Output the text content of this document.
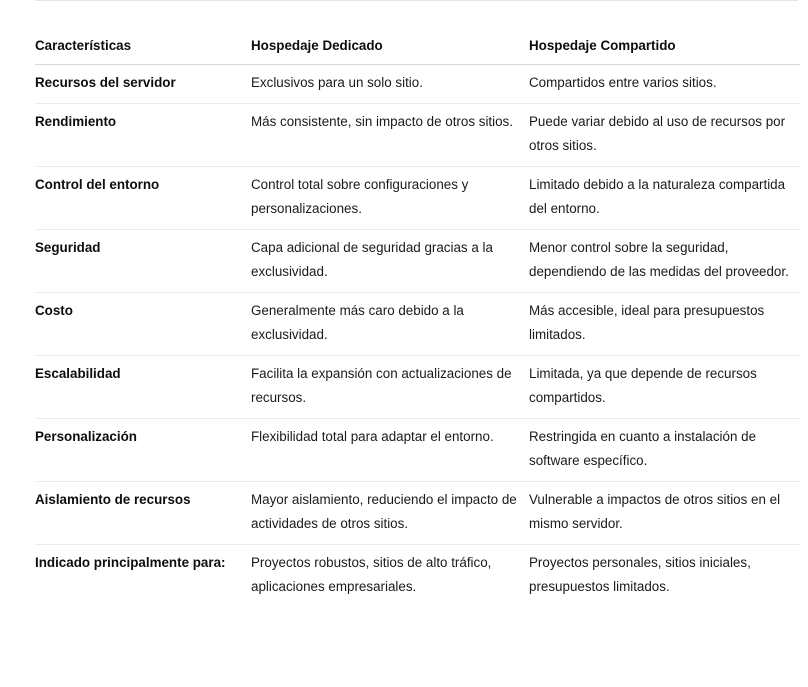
Características	Hospedaje Dedicado	Hospedaje Compartido
Recursos del servidor	Exclusivos para un solo sitio.	Compartidos entre varios sitios.

Rendimiento	Más consistente, sin impacto de otros sitios.	Puede variar debido al uso de recursos por otros sitios.

Control del entorno	Control total sobre configuraciones y personalizaciones.	Limitado debido a la naturaleza compartida del entorno.

Seguridad	Capa adicional de seguridad gracias a la exclusividad.	Menor control sobre la seguridad, dependiendo de las medidas del proveedor.

Costo	Generalmente más caro debido a la exclusividad.	Más accesible, ideal para presupuestos limitados.

Escalabilidad	Facilita la expansión con actualizaciones de recursos.	Limitada, ya que depende de recursos compartidos.

Personalización	Flexibilidad total para adaptar el entorno.	Restringida en cuanto a instalación de software específico.

Aislamiento de recursos	Mayor aislamiento, reduciendo el impacto de actividades de otros sitios.	Vulnerable a impactos de otros sitios en el mismo servidor.

Indicado principalmente para:	Proyectos robustos, sitios de alto tráfico, aplicaciones empresariales.	Proyectos personales, sitios iniciales, presupuestos limitados.
